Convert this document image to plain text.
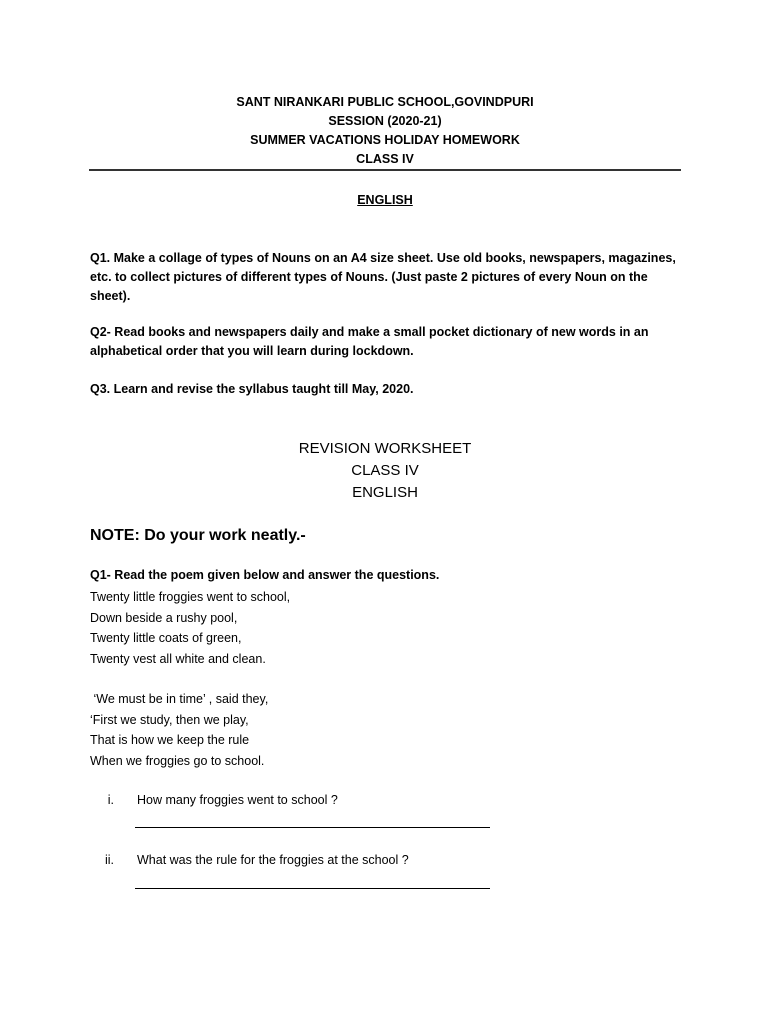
SANT NIRANKARI PUBLIC SCHOOL,GOVINDPURI
SESSION (2020-21)
SUMMER VACATIONS HOLIDAY HOMEWORK
CLASS IV
ENGLISH
Q1. Make a collage of types of Nouns on an A4 size sheet. Use old books, newspapers, magazines, etc. to collect pictures of different types of Nouns. (Just paste 2 pictures of every Noun on the sheet).
Q2- Read books and newspapers daily and make a small pocket dictionary of new words in an alphabetical order that you will learn during lockdown.
Q3. Learn and revise the syllabus taught till May, 2020.
REVISION WORKSHEET
CLASS IV
ENGLISH
NOTE: Do your work neatly.-
Q1- Read the poem given below and answer the questions.
Twenty little froggies went to school,
Down beside a rushy pool,
Twenty little coats of green,
Twenty vest all white and clean.
‘We must be in time’ , said they,
‘First we study, then we play,
That is how we keep the rule
When we froggies go to school.
i. How many froggies went to school ?
ii. What was the rule for the froggies at the school ?
